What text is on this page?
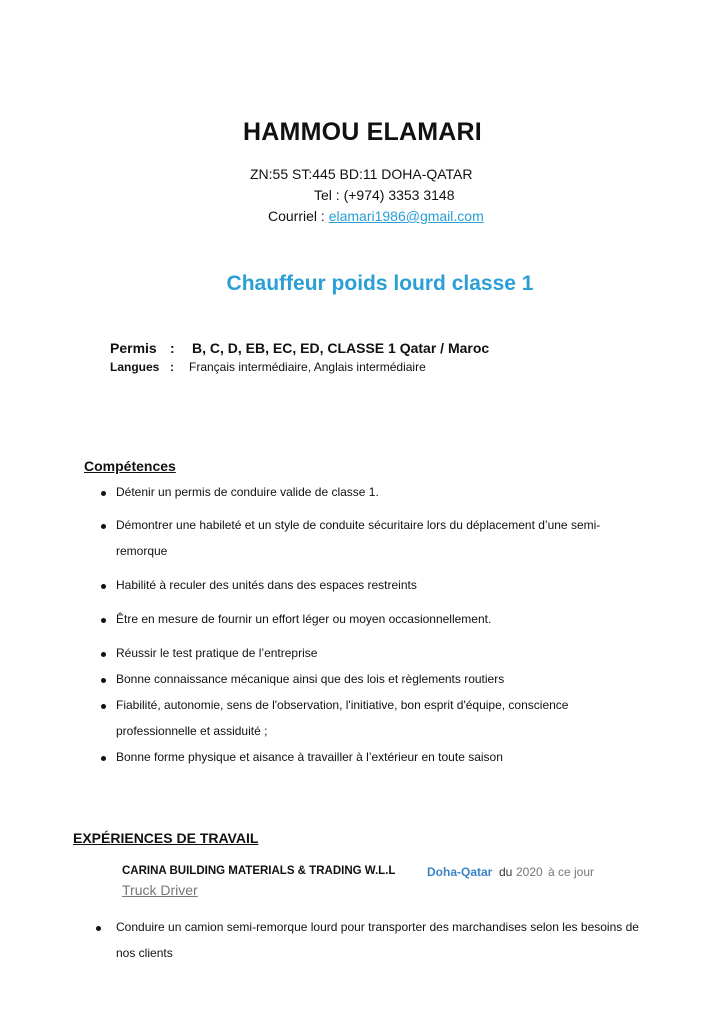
HAMMOU ELAMARI
ZN:55 ST:445 BD:11 DOHA-QATAR
Tel : (+974) 3353 3148
Courriel : elamari1986@gmail.com
Chauffeur poids lourd classe 1
Permis : B, C, D, EB, EC, ED, CLASSE 1 Qatar / Maroc
Langues : Français intermédiaire, Anglais intermédiaire
Compétences
Détenir un permis de conduire valide de classe 1.
Démontrer une habileté et un style de conduite sécuritaire lors du déplacement d’une semi-
remorque
Habilité à reculer des unités dans des espaces restreints
Être en mesure de fournir un effort léger ou moyen occasionnellement.
Réussir le test pratique de l’entreprise
Bonne connaissance mécanique ainsi que des lois et règlements routiers
Fiabilité, autonomie, sens de l'observation, l'initiative, bon esprit d'équipe, conscience
professionnelle et assiduité ;
Bonne forme physique et aisance à travailler à l’extérieur en toute saison
EXPÉRIENCES DE TRAVAIL
CARINA BUILDING MATERIALS & TRADING W.L.L	Doha-Qatar du 2020 à ce jour
Truck Driver
Conduire un camion semi-remorque lourd pour transporter des marchandises selon les besoins de
nos clients
